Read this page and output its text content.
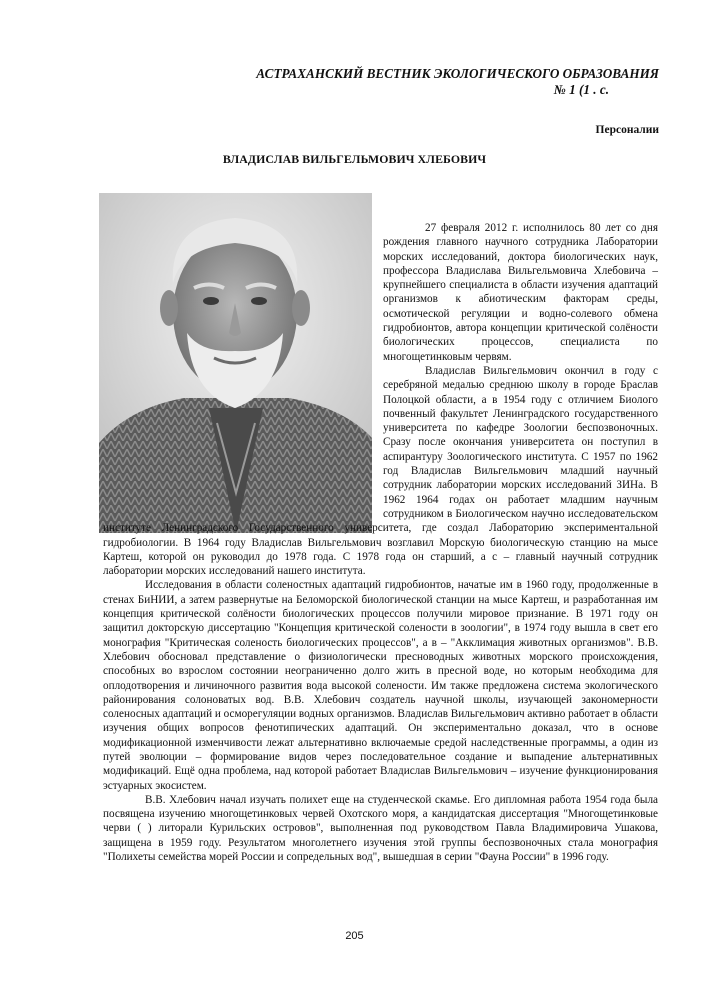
АСТРАХАНСКИЙ ВЕСТНИК ЭКОЛОГИЧЕСКОГО ОБРАЗОВАНИЯ
№ 1 (1 . с.
Персоналии
ВЛАДИСЛАВ ВИЛЬГЕЛЬМОВИЧ ХЛЕБОВИЧ

27 февраля 2012 г. исполнилось 80 лет со дня рождения главного научного сотрудника Лаборатории морских исследований, доктора биологических наук, профессора Владислава Вильгельмовича Хлебовича – крупнейшего специалиста в области изучения адаптаций организмов к абиотическим факторам среды, осмотической регуляции и водно-солевого обмена гидробионтов, автора концепции критической солёности биологических процессов, специалиста по многощетинковым червям.

Владислав Вильгельмович окончил в году с серебряной медалью среднюю школу в городе Браслав Полоцкой области, а в 1954 году с отличием Биолого почвенный факультет Ленинградского государственного университета по кафедре Зоологии беспозвоночных. Сразу после окончания университета он поступил в аспирантуру Зоологического института. С 1957 по 1962 год Владислав Вильгельмович младший научный сотрудник лаборатории морских исследований ЗИНа. В 1962 1964 годах он работает младшим научным сотрудником в Биологическом научно исследовательском институте Ленинградского Государственного университета, где создал Лабораторию экспериментальной гидробиологии. В 1964 году Владислав Вильгельмович возглавил Морскую биологическую станцию на мысе Картеш, которой он руководил до 1978 года. С 1978 года он старший, а с – главный научный сотрудник лаборатории морских исследований нашего института.

Исследования в области соленостных адаптаций гидробионтов, начатые им в 1960 году, продолженные в стенах БиНИИ, а затем развернутые на Беломорской биологической станции на мысе Картеш, и разработанная им концепция критической солёности биологических процессов получили мировое признание. В 1971 году он защитил докторскую диссертацию "Концепция критической солености в зоологии", в 1974 году вышла в свет его монография "Критическая соленость биологических процессов", а в – "Акклимация животных организмов". В.В. Хлебович обосновал представление о физиологически пресноводных животных морского происхождения, способных во взрослом состоянии неограниченно долго жить в пресной воде, но которым необходима для оплодотворения и личиночного развития вода высокой солености. Им также предложена система экологического районирования солоноватых вод. В.В. Хлебович создатель научной школы, изучающей закономерности соленосных адаптаций и осморегуляции водных организмов. Владислав Вильгельмович активно работает в области изучения общих вопросов фенотипических адаптаций. Он экспериментально доказал, что в основе модификационной изменчивости лежат альтернативно включаемые средой наследственные программы, а один из путей эволюции – формирование видов через последовательное создание и выпадение альтернативных модификаций. Ещё одна проблема, над которой работает Владислав Вильгельмович – изучение функционирования эстуарных экосистем.

В.В. Хлебович начал изучать полихет еще на студенческой скамье. Его дипломная работа 1954 года была посвящена изучению многощетинковых червей Охотского моря, а кандидатская диссертация "Многощетинковые черви ( ) литорали Курильских островов", выполненная под руководством Павла Владимировича Ушакова, защищена в 1959 году. Результатом многолетнего изучения этой группы беспозвоночных стала монография "Полихеты семейства морей России и сопредельных вод", вышедшая в серии "Фауна России" в 1996 году.

205
